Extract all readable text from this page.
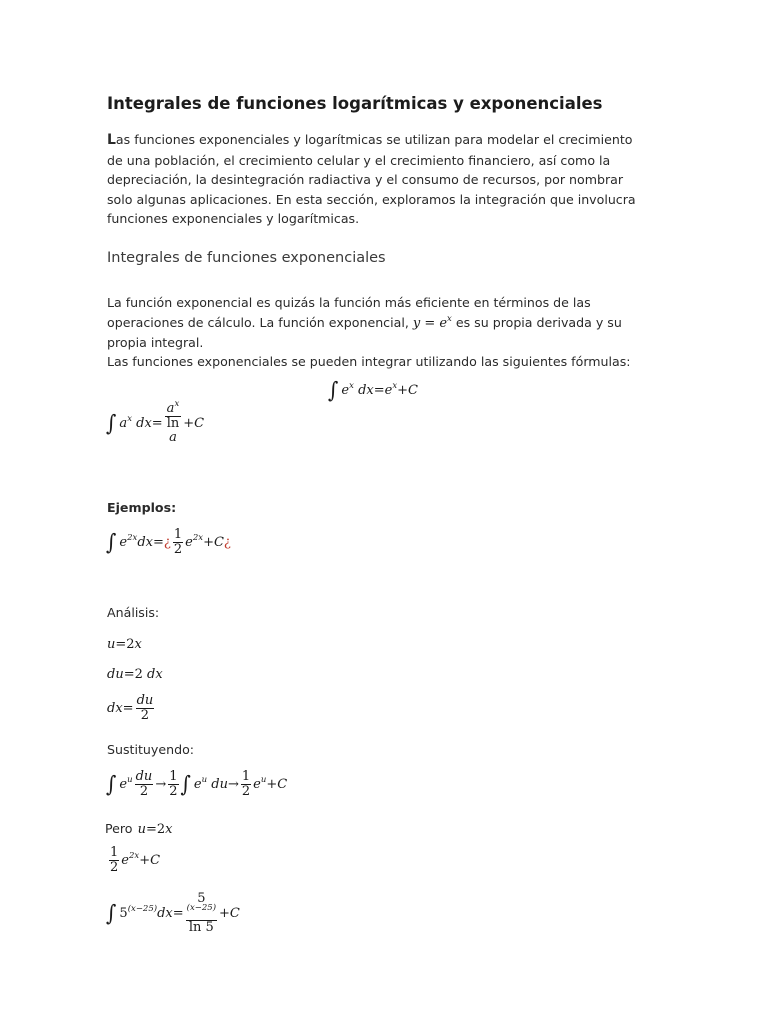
Integrales de funciones logarítmicas y exponenciales
Las funciones exponenciales y logarítmicas se utilizan para modelar el crecimiento de una población, el crecimiento celular y el crecimiento financiero, así como la depreciación, la desintegración radiactiva y el consumo de recursos, por nombrar solo algunas aplicaciones. En esta sección, exploramos la integración que involucra funciones exponenciales y logarítmicas.
Integrales de funciones exponenciales
La función exponencial es quizás la función más eficiente en términos de las operaciones de cálculo. La función exponencial, $y = e^x$ es su propia derivada y su propia integral.
Las funciones exponenciales se pueden integrar utilizando las siguientes fórmulas:
∫ $e^x$ $dx=e^x+C$
∫ $a^x$ $dx= a^x$
ln
a +C
Ejemplos:
∫ $e^{2x}dx=¿ \frac{1}{2}$ $e^{2x}+C¿$
Análisis:
u=2x
du=2 dx
$dx= \frac{du}{2}$
Sustituyendo:
∫ $e^u \frac{du}{2} \to \frac{1}{2}$ ∫ $e^u$ $du\to \frac{1}{2} e^u+C$
Pero u=2x
$\frac{1}{2} e^{2x}+C$
∫ $5^{(x-25)}dx= 5$
$^{(x-25)}$
ln 5 +C
